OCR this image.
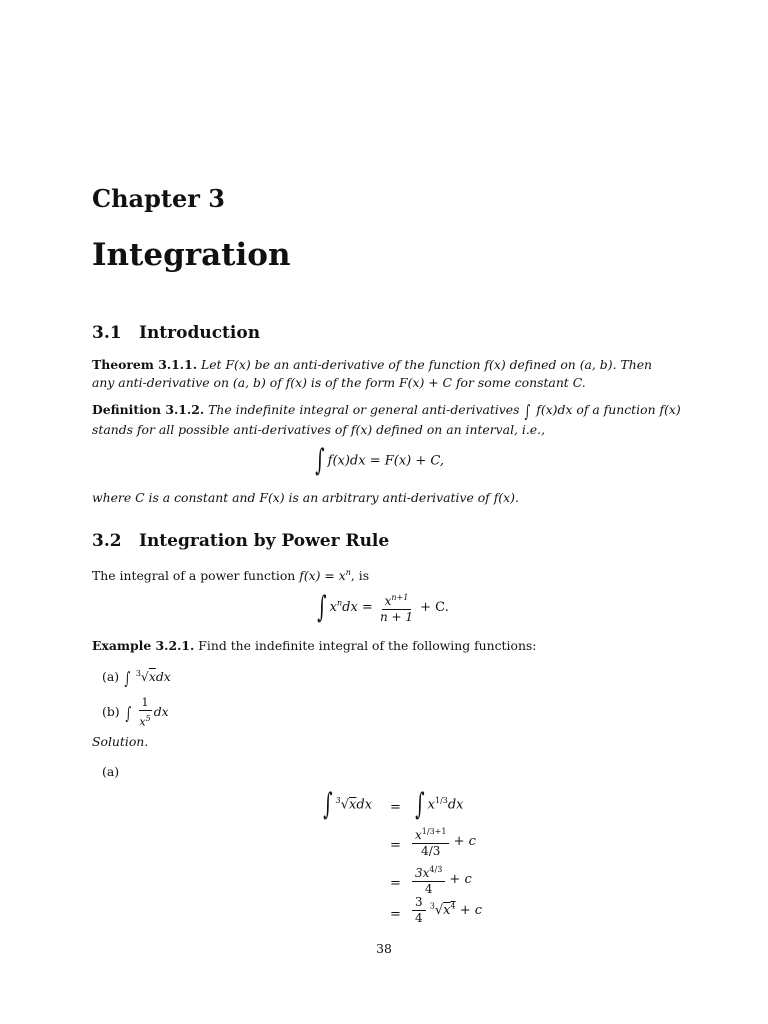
Chapter 3
Integration
3.1 Introduction
Theorem 3.1.1. Let F(x) be an anti-derivative of the function f(x) defined on (a, b). Then
any anti-derivative on (a, b) of f(x) is of the form F(x) + C for some constant C.
Definition 3.1.2. The indefinite integral or general anti-derivatives ∫ f(x)dx of a function f(x)
stands for all possible anti-derivatives of f(x) defined on an interval, i.e.,
∫ f(x)dx = F(x) + C,
where C is a constant and F(x) is an arbitrary anti-derivative of f(x).
3.2 Integration by Power Rule
The integral of a power function $f(x) = x^n$, is
∫ $x^ndx = \frac{x^{n+1}}{n + 1} + C$.
Example 3.2.1. Find the indefinite integral of the following functions:
(a) ∫ $^3$√xdx
(b) ∫ $\frac{1}{x^5}$ dx
Solution.
(a)
∫ $^3$√xdx = ∫ $x^{1/3}dx$
= $\frac{x^{1/3+1}}{4/3} + c$
= $\frac{3x^{4/3}}{4} + c$
= $\frac{3}{4} ^3√x^4 + c$
38
